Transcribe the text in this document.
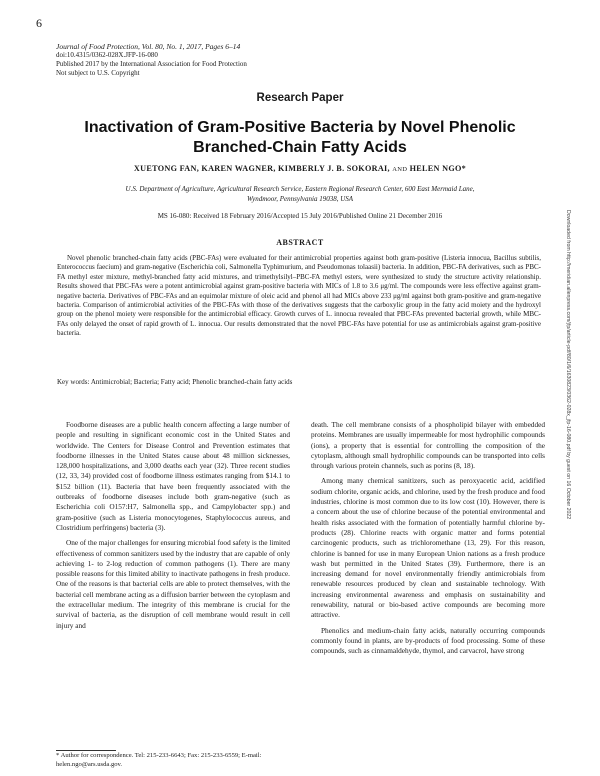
6
Journal of Food Protection, Vol. 80, No. 1, 2017, Pages 6–14
doi:10.4315/0362-028X.JFP-16-080
Published 2017 by the International Association for Food Protection
Not subject to U.S. Copyright
Research Paper
Inactivation of Gram-Positive Bacteria by Novel Phenolic
Branched-Chain Fatty Acids
XUETONG FAN, KAREN WAGNER, KIMBERLY J. B. SOKORAI, AND HELEN NGO*
U.S. Department of Agriculture, Agricultural Research Service, Eastern Regional Research Center, 600 East Mermaid Lane,
Wyndmoor, Pennsylvania 19038, USA
MS 16-080: Received 18 February 2016/Accepted 15 July 2016/Published Online 21 December 2016
ABSTRACT
Novel phenolic branched-chain fatty acids (PBC-FAs) were evaluated for their antimicrobial properties against both gram-positive (Listeria innocua, Bacillus subtilis, Enterococcus faecium) and gram-negative (Escherichia coli, Salmonella Typhimurium, and Pseudomonas tolaasii) bacteria. In addition, PBC-FA derivatives, such as PBC-FA methyl ester mixture, methyl-branched fatty acid mixtures, and trimethylsilyl–PBC-FA methyl esters, were synthesized to study the structure activity relationship. Results showed that PBC-FAs were a potent antimicrobial against gram-positive bacteria with MICs of 1.8 to 3.6 μg/ml. The compounds were less effective against gram-negative bacteria. Derivatives of PBC-FAs and an equimolar mixture of oleic acid and phenol all had MICs above 233 μg/ml against both gram-positive and gram-negative bacteria. Comparison of antimicrobial activities of the PBC-FAs with those of the derivatives suggests that the carboxylic group in the fatty acid moiety and the hydroxyl group on the phenol moiety were responsible for the antimicrobial efficacy. Growth curves of L. innocua revealed that PBC-FAs prevented bacterial growth, while MBC-FAs only delayed the onset of rapid growth of L. innocua. Our results demonstrated that the novel PBC-FAs have potential for use as antimicrobials against gram-positive bacteria.
Key words: Antimicrobial; Bacteria; Fatty acid; Phenolic branched-chain fatty acids

Foodborne diseases are a public health concern affecting a large number of people and resulting in significant economic cost in the United States and worldwide. The Centers for Disease Control and Prevention estimates that foodborne illnesses in the United States cause about 48 million sicknesses, 128,000 hospitalizations, and 3,000 deaths each year (32). Three recent studies (12, 33, 34) provided cost of foodborne illness estimates ranging from $14.1 to $152 billion (11). Bacteria that have been frequently associated with the outbreaks of foodborne diseases include both gram-negative (such as Escherichia coli O157:H7, Salmonella spp., and Campylobacter spp.) and gram-positive (such as Listeria monocytogenes, Staphylococcus aureus, and Clostridium perfringens) bacteria (3).

One of the major challenges for ensuring microbial food safety is the limited effectiveness of common sanitizers used by the industry that are capable of only achieving 1- to 2-log reduction of common pathogens (1). There are many possible reasons for this limited ability to inactivate pathogens in fresh produce. One of the reasons is that bacterial cells are able to protect themselves, with the bacterial cell membrane acting as a diffusion barrier between the cytoplasm and the extracellular medium. The integrity of this membrane is crucial for the survival of bacteria, as the disruption of cell membrane would result in cell injury and

death. The cell membrane consists of a phospholipid bilayer with embedded proteins. Membranes are usually impermeable for most hydrophilic compounds (ions), a property that is essential for controlling the composition of the cytoplasm, although small hydrophilic compounds can be transported into cells through various protein channels, such as porins (8, 18).

Among many chemical sanitizers, such as peroxyacetic acid, acidified sodium chlorite, organic acids, and chlorine, used by the fresh produce and food industries, chlorine is most common due to its low cost (10). However, there is a concern about the use of chlorine because of the potential environmental and health risks associated with the formation of potentially harmful chlorine by-products (28). Chlorine reacts with organic matter and forms potential carcinogenic products, such as trichloromethane (13, 29). For this reason, chlorine is banned for use in many European Union nations as a fresh produce wash but permitted in the United States (39). Furthermore, there is an increasing demand for novel environmentally friendly antimicrobials from renewable resources produced by clean and sustainable technology. With increasing environmental awareness and emphasis on sustainability and renewability, natural or bio-based active compounds are becoming more attractive.

Phenolics and medium-chain fatty acids, naturally occurring compounds commonly found in plants, are by-products of food processing. Some of these compounds, such as cinnamaldehyde, thymol, and carvacrol, have strong

* Author for correspondence. Tel: 215-233-6643; Fax: 215-233-6559; E-mail: helen.ngo@ars.usda.gov.
Downloaded from http://meridian.allenpress.com/jfp/article-pdf/80/1/6/1630823/0362-028x_jfp-16-080.pdf by guest on 16 October 2022
